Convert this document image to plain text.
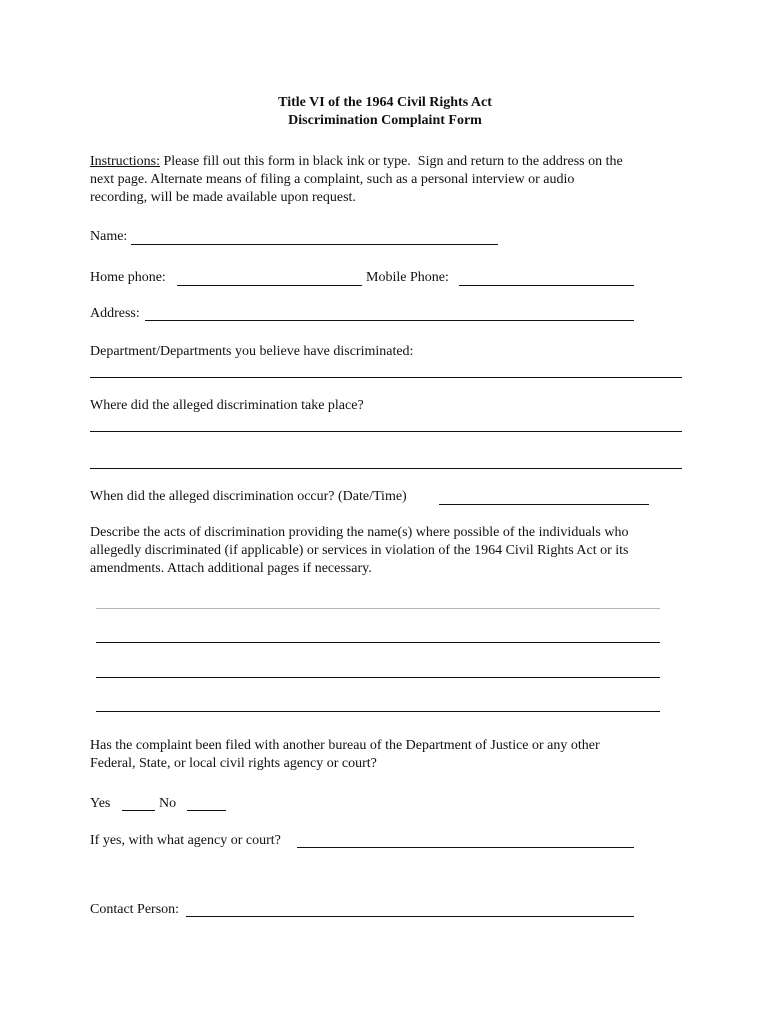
Title VI of the 1964 Civil Rights Act
Discrimination Complaint Form
Instructions: Please fill out this form in black ink or type.  Sign and return to the address on the
next page. Alternate means of filing a complaint, such as a personal interview or audio
recording, will be made available upon request.
Name:
Home phone:	Mobile Phone:
Address:
Department/Departments you believe have discriminated:
Where did the alleged discrimination take place?
When did the alleged discrimination occur? (Date/Time)
Describe the acts of discrimination providing the name(s) where possible of the individuals who
allegedly discriminated (if applicable) or services in violation of the 1964 Civil Rights Act or its
amendments. Attach additional pages if necessary.
Has the complaint been filed with another bureau of the Department of Justice or any other
Federal, State, or local civil rights agency or court?
Yes	No
If yes, with what agency or court?
Contact Person:
